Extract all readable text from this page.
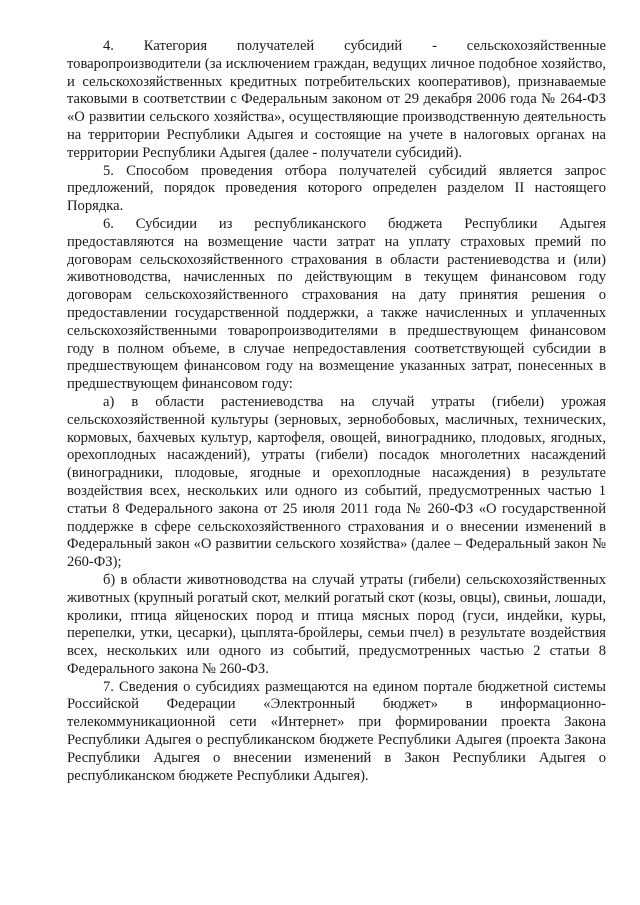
4. Категория получателей субсидий - сельскохозяйственные товаропроизводители (за исключением граждан, ведущих личное подобное хозяйство, и сельскохозяйственных кредитных потребительских кооперативов), признаваемые таковыми в соответствии с Федеральным законом от 29 декабря 2006 года № 264-ФЗ «О развитии сельского хозяйства», осуществляющие производственную деятельность на территории Республики Адыгея и состоящие на учете в налоговых органах на территории Республики Адыгея (далее - получатели субсидий).

5. Способом проведения отбора получателей субсидий является запрос предложений, порядок проведения которого определен разделом II настоящего Порядка.

6. Субсидии из республиканского бюджета Республики Адыгея предоставляются на возмещение части затрат на уплату страховых премий по договорам сельскохозяйственного страхования в области растениеводства и (или) животноводства, начисленных по действующим в текущем финансовом году договорам сельскохозяйственного страхования на дату принятия решения о предоставлении государственной поддержки, а также начисленных и уплаченных сельскохозяйственными товаропроизводителями в предшествующем финансовом году в полном объеме, в случае непредоставления соответствующей субсидии в предшествующем финансовом году на возмещение указанных затрат, понесенных в предшествующем финансовом году:

а) в области растениеводства на случай утраты (гибели) урожая сельскохозяйственной культуры (зерновых, зернобобовых, масличных, технических, кормовых, бахчевых культур, картофеля, овощей, винограднико, плодовых, ягодных, орехоплодных насаждений), утраты (гибели) посадок многолетних насаждений (виноградники, плодовые, ягодные и орехоплодные насаждения) в результате воздействия всех, нескольких или одного из событий, предусмотренных частью 1 статьи 8 Федерального закона от 25 июля 2011 года № 260-ФЗ «О государственной поддержке в сфере сельскохозяйственного страхования и о внесении изменений в Федеральный закон «О развитии сельского хозяйства» (далее – Федеральный закон № 260-ФЗ);

б) в области животноводства на случай утраты (гибели) сельскохозяйственных животных (крупный рогатый скот, мелкий рогатый скот (козы, овцы), свиньи, лошади, кролики, птица яйценоских пород и птица мясных пород (гуси, индейки, куры, перепелки, утки, цесарки), цыплята-бройлеры, семьи пчел) в результате воздействия всех, нескольких или одного из событий, предусмотренных частью 2 статьи 8 Федерального закона № 260-ФЗ.

7. Сведения о субсидиях размещаются на едином портале бюджетной системы Российской Федерации «Электронный бюджет» в информационно-телекоммуникационной сети «Интернет» при формировании проекта Закона Республики Адыгея о республиканском бюджете Республики Адыгея (проекта Закона Республики Адыгея о внесении изменений в Закон Республики Адыгея о республиканском бюджете Республики Адыгея).
